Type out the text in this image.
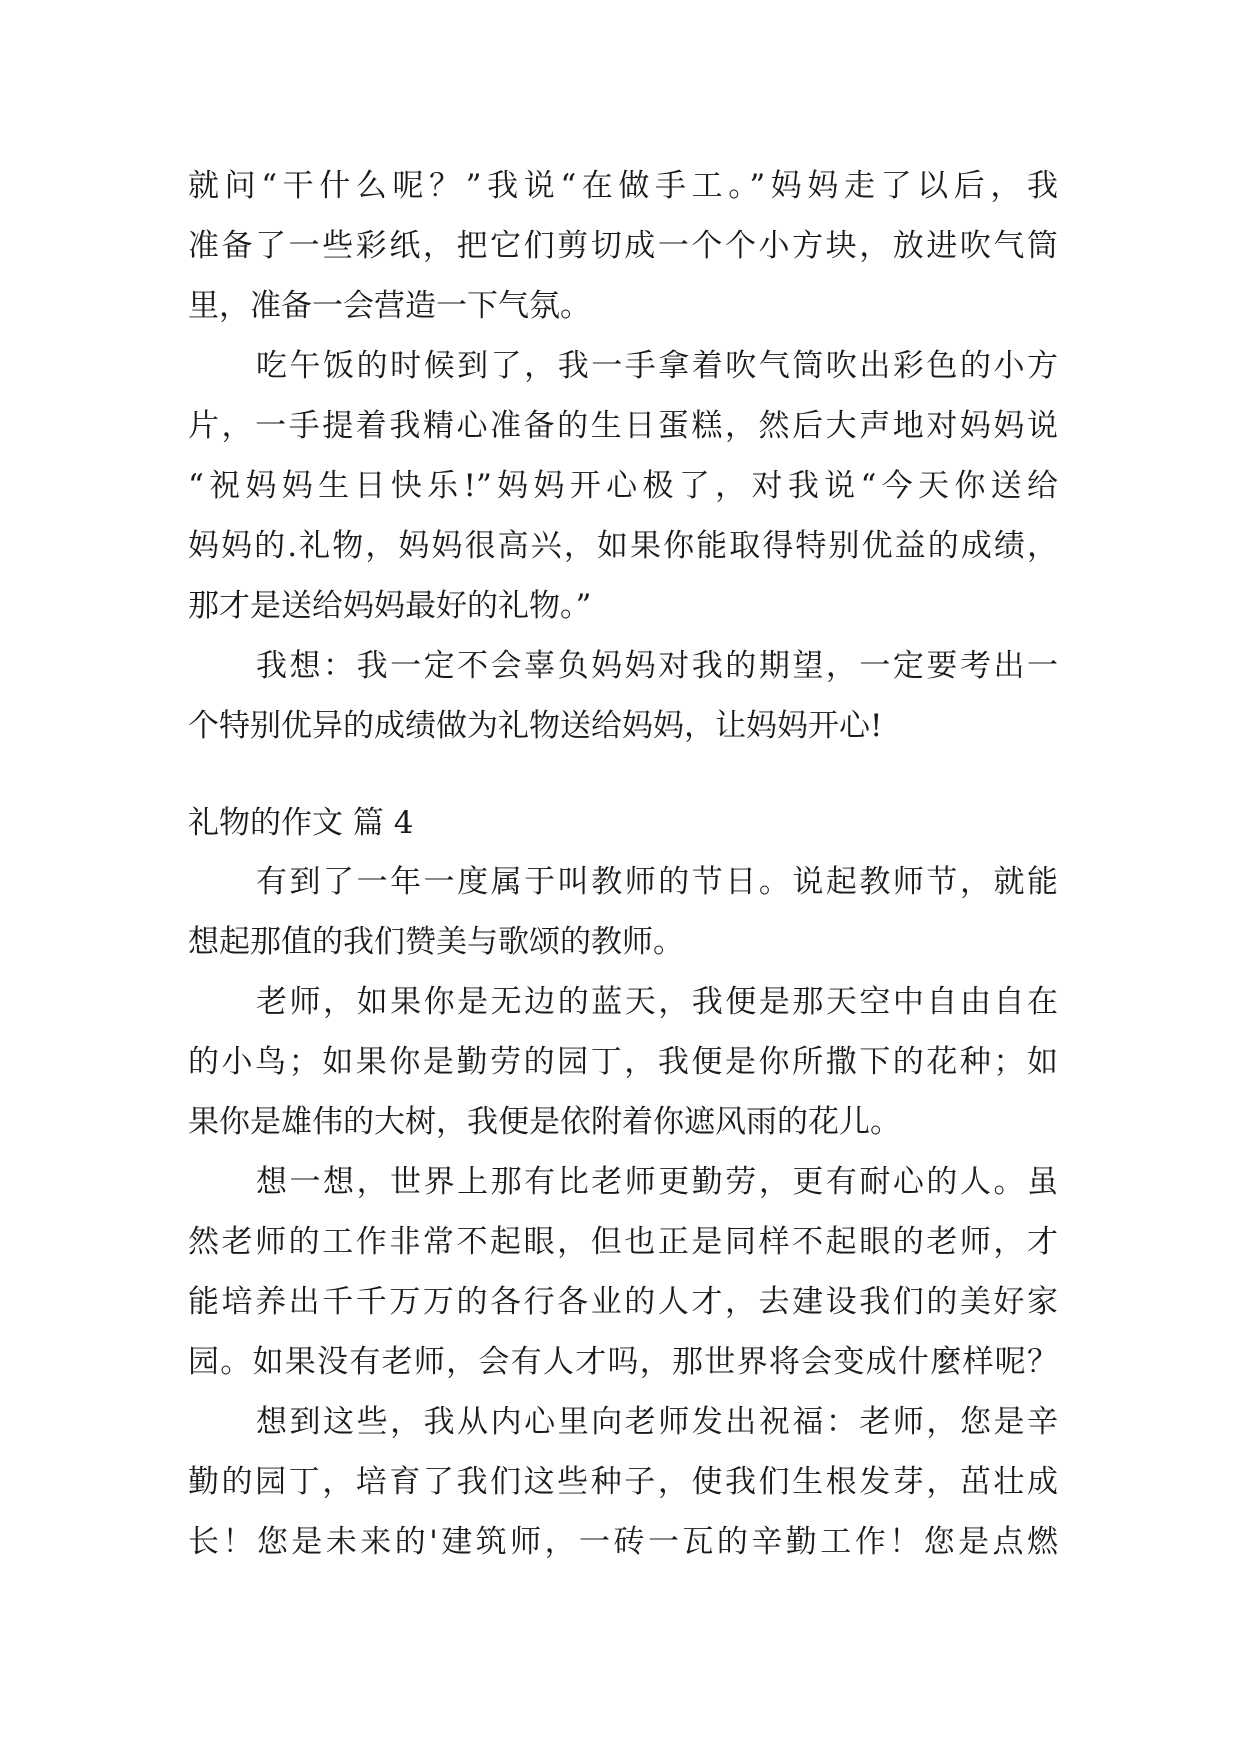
就问“干什么呢？”我说“在做手工。”妈妈走了以后，我

准备了一些彩纸，把它们剪切成一个个小方块，放进吹气筒

里，准备一会营造一下气氛。

吃午饭的时候到了，我一手拿着吹气筒吹出彩色的小方

片，一手提着我精心准备的生日蛋糕，然后大声地对妈妈说

“祝妈妈生日快乐!”妈妈开心极了，对我说“今天你送给

妈妈的.礼物，妈妈很高兴，如果你能取得特别优益的成绩，

那才是送给妈妈最好的礼物。”

我想：我一定不会辜负妈妈对我的期望，一定要考出一

个特别优异的成绩做为礼物送给妈妈，让妈妈开心!

礼物的作文 篇 4

有到了一年一度属于叫教师的节日。说起教师节，就能

想起那值的我们赞美与歌颂的教师。

老师，如果你是无边的蓝天，我便是那天空中自由自在

的小鸟；如果你是勤劳的园丁，我便是你所撒下的花种；如

果你是雄伟的大树，我便是依附着你遮风雨的花儿。

想一想，世界上那有比老师更勤劳，更有耐心的人。虽

然老师的工作非常不起眼，但也正是同样不起眼的老师，才

能培养出千千万万的各行各业的人才，去建设我们的美好家

园。如果没有老师，会有人才吗，那世界将会变成什麼样呢？

想到这些，我从内心里向老师发出祝福：老师，您是辛

勤的园丁，培育了我们这些种子，使我们生根发芽，茁壮成

长！您是未来的'建筑师，一砖一瓦的辛勤工作！您是点燃
